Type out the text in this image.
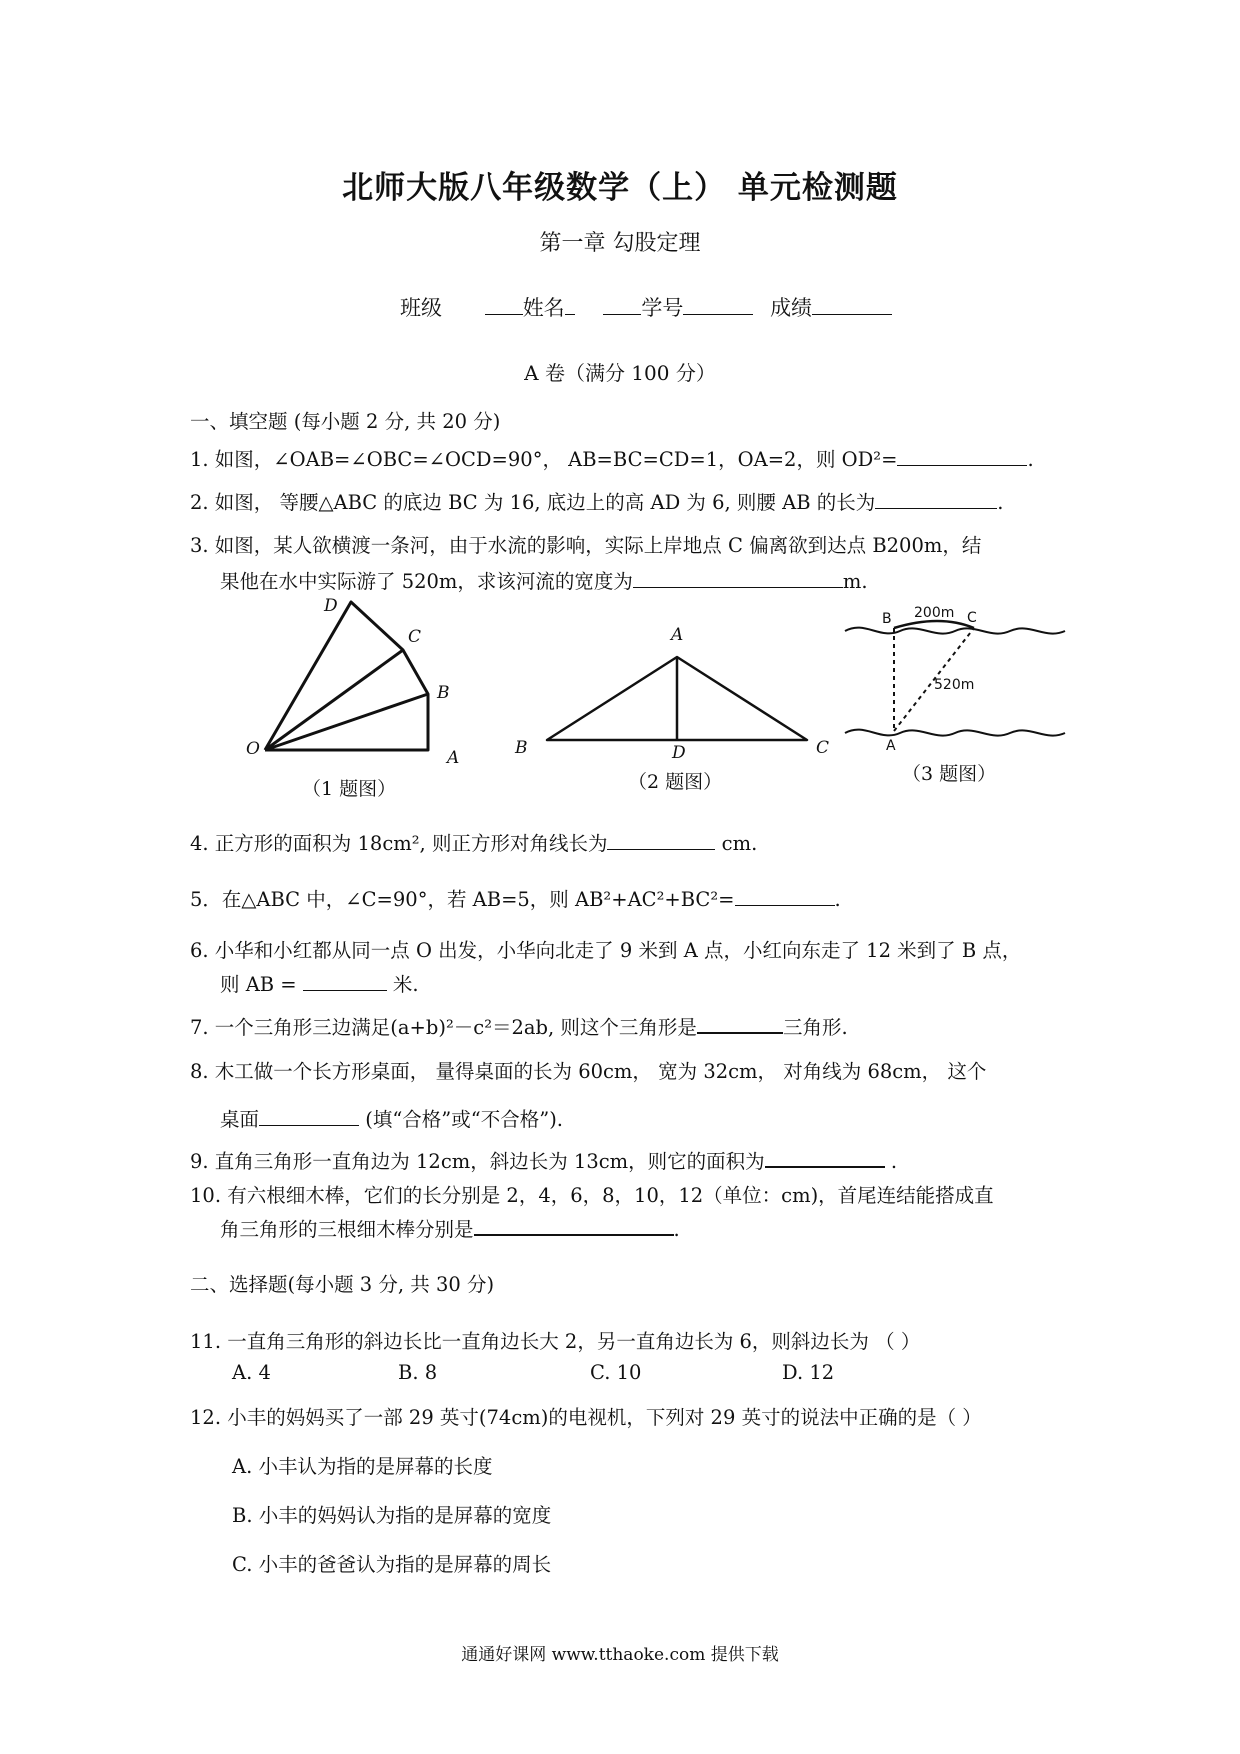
北师大版八年级数学（上） 单元检测题
第一章 勾股定理
班级	姓名	学号	成绩
A 卷（满分 100 分）
一、填空题 (每小题 2 分, 共 20 分)
1. 如图，∠OAB=∠OBC=∠OCD=90°， AB=BC=CD=1，OA=2，则 OD²=	.
2. 如图， 等腰△ABC 的底边 BC 为 16, 底边上的高 AD 为 6, 则腰 AB 的长为	.
3. 如图，某人欲横渡一条河，由于水流的影响，实际上岸地点 C 偏离欲到达点 B200m，结
果他在水中实际游了 520m，求该河流的宽度为	m.
D
C
B
O	A
（1 题图）
A
B	D	C
（2 题图）
B 200m C
520m
A
（3 题图）
4. 正方形的面积为 18cm², 则正方形对角线长为	cm.
5．在△ABC 中，∠C=90°，若 AB=5，则 AB²+AC²+BC²=	.
6. 小华和小红都从同一点 O 出发，小华向北走了 9 米到 A 点，小红向东走了 12 米到了 B 点，
则 AB =	米.
7. 一个三角形三边满足(a+b)²－c²＝2ab, 则这个三角形是	三角形.
8. 木工做一个长方形桌面， 量得桌面的长为 60cm， 宽为 32cm， 对角线为 68cm， 这个
桌面	(填“合格”或“不合格”).
9. 直角三角形一直角边为 12cm，斜边长为 13cm，则它的面积为	.
10. 有六根细木棒，它们的长分别是 2，4，6，8，10，12（单位：cm)，首尾连结能搭成直
角三角形的三根细木棒分别是	.
二、选择题(每小题 3 分, 共 30 分)
11. 一直角三角形的斜边长比一直角边长大 2，另一直角边长为 6，则斜边长为 （ ）
A. 4	B. 8	C. 10	D. 12
12. 小丰的妈妈买了一部 29 英寸(74cm)的电视机，下列对 29 英寸的说法中正确的是（ ）
A. 小丰认为指的是屏幕的长度
B. 小丰的妈妈认为指的是屏幕的宽度
C. 小丰的爸爸认为指的是屏幕的周长
通通好课网 www.tthaoke.com 提供下载
